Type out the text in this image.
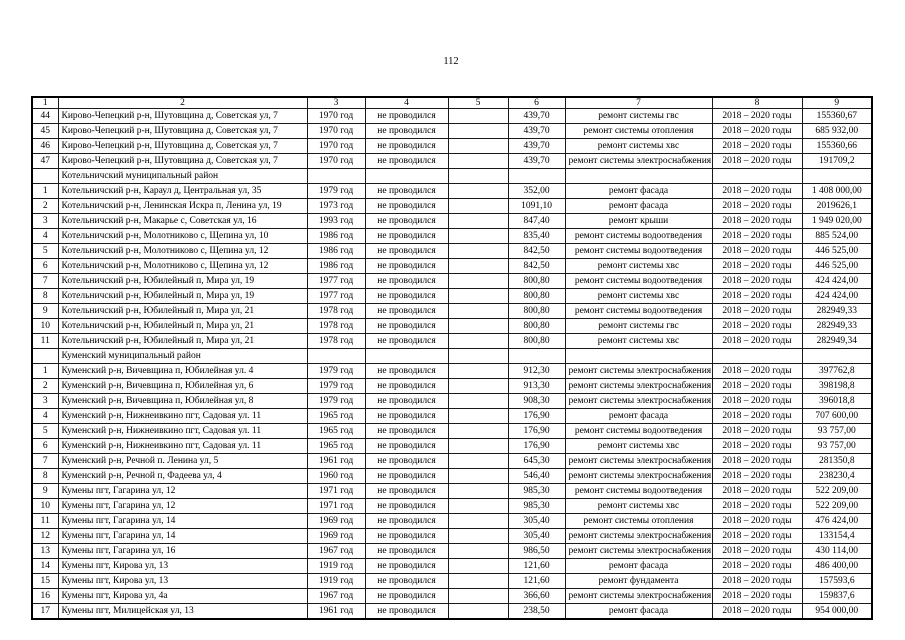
112
1	2	3	4	5	6	7	8	9
44	Кирово-Чепецкий р-н, Шутовщина д, Советская ул, 7	1970 год	не проводился		439,70	ремонт системы гвс	2018 – 2020 годы	155360,67
45	Кирово-Чепецкий р-н, Шутовщина д, Советская ул, 7	1970 год	не проводился		439,70	ремонт системы отопления	2018 – 2020 годы	685 932,00
46	Кирово-Чепецкий р-н, Шутовщина д, Советская ул, 7	1970 год	не проводился		439,70	ремонт системы хвс	2018 – 2020 годы	155360,66
47	Кирово-Чепецкий р-н, Шутовщина д, Советская ул, 7	1970 год	не проводился		439,70	ремонт системы электроснабжения	2018 – 2020 годы	191709,2
	Котельничский муниципальный район							
1	Котельничский р-н, Караул д, Центральная ул, 35	1979 год	не проводился		352,00	ремонт фасада	2018 – 2020 годы	1 408 000,00
2	Котельничский р-н, Ленинская Искра п, Ленина ул, 19	1973 год	не проводился		1091,10	ремонт фасада	2018 – 2020 годы	2019626,1
3	Котельничский р-н, Макарье с, Советская ул, 16	1993 год	не проводился		847,40	ремонт крыши	2018 – 2020 годы	1 949 020,00
4	Котельничский р-н, Молотниково с, Щепина ул, 10	1986 год	не проводился		835,40	ремонт системы водоотведения	2018 – 2020 годы	885 524,00
5	Котельничский р-н, Молотниково с, Щепина ул, 12	1986 год	не проводился		842,50	ремонт системы водоотведения	2018 – 2020 годы	446 525,00
6	Котельничский р-н, Молотниково с, Щепина ул, 12	1986 год	не проводился		842,50	ремонт системы хвс	2018 – 2020 годы	446 525,00
7	Котельничский р-н, Юбилейный п, Мира ул, 19	1977 год	не проводился		800,80	ремонт системы водоотведения	2018 – 2020 годы	424 424,00
8	Котельничский р-н, Юбилейный п, Мира ул, 19	1977 год	не проводился		800,80	ремонт системы хвс	2018 – 2020 годы	424 424,00
9	Котельничский р-н, Юбилейный п, Мира ул, 21	1978 год	не проводился		800,80	ремонт системы водоотведения	2018 – 2020 годы	282949,33
10	Котельничский р-н, Юбилейный п, Мира ул, 21	1978 год	не проводился		800,80	ремонт системы гвс	2018 – 2020 годы	282949,33
11	Котельничский р-н, Юбилейный п, Мира ул, 21	1978 год	не проводился		800,80	ремонт системы хвс	2018 – 2020 годы	282949,34
	Куменский муниципальный район							
1	Куменский р-н, Вичевщина п, Юбилейная ул. 4	1979 год	не проводился		912,30	ремонт системы электроснабжения	2018 – 2020 годы	397762,8
2	Куменский р-н, Вичевщина п, Юбилейная ул, 6	1979 год	не проводился		913,30	ремонт системы электроснабжения	2018 – 2020 годы	398198,8
3	Куменский р-н, Вичевщина п, Юбилейная ул, 8	1979 год	не проводился		908,30	ремонт системы электроснабжения	2018 – 2020 годы	396018,8
4	Куменский р-н, Нижнеивкино пгт, Садовая ул. 11	1965 год	не проводился		176,90	ремонт фасада	2018 – 2020 годы	707 600,00
5	Куменский р-н, Нижнеивкино пгт, Садовая ул. 11	1965 год	не проводился		176,90	ремонт системы водоотведения	2018 – 2020 годы	93 757,00
6	Куменский р-н, Нижнеивкино пгт, Садовая ул. 11	1965 год	не проводился		176,90	ремонт системы хвс	2018 – 2020 годы	93 757,00
7	Куменский р-н, Речной п. Ленина ул, 5	1961 год	не проводился		645,30	ремонт системы электроснабжения	2018 – 2020 годы	281350,8
8	Куменский р-н, Речной п, Фадеева ул, 4	1960 год	не проводился		546,40	ремонт системы электроснабжения	2018 – 2020 годы	238230,4
9	Кумены пгт, Гагарина ул, 12	1971 год	не проводился		985,30	ремонт системы водоотведения	2018 – 2020 годы	522 209,00
10	Кумены пгт, Гагарина ул, 12	1971 год	не проводился		985,30	ремонт системы хвс	2018 – 2020 годы	522 209,00
11	Кумены пгт, Гагарина ул, 14	1969 год	не проводился		305,40	ремонт системы отопления	2018 – 2020 годы	476 424,00
12	Кумены пгт, Гагарина ул, 14	1969 год	не проводился		305,40	ремонт системы электроснабжения	2018 – 2020 годы	133154,4
13	Кумены пгт, Гагарина ул, 16	1967 год	не проводился		986,50	ремонт системы электроснабжения	2018 – 2020 годы	430 114,00
14	Кумены пгт, Кирова ул, 13	1919 год	не проводился		121,60	ремонт фасада	2018 – 2020 годы	486 400,00
15	Кумены пгт, Кирова ул, 13	1919 год	не проводился		121,60	ремонт фундамента	2018 – 2020 годы	157593,6
16	Кумены пгт, Кирова ул, 4а	1967 год	не проводился		366,60	ремонт системы электроснабжения	2018 – 2020 годы	159837,6
17	Кумены пгт, Милицейская ул, 13	1961 год	не проводился		238,50	ремонт фасада	2018 – 2020 годы	954 000,00
